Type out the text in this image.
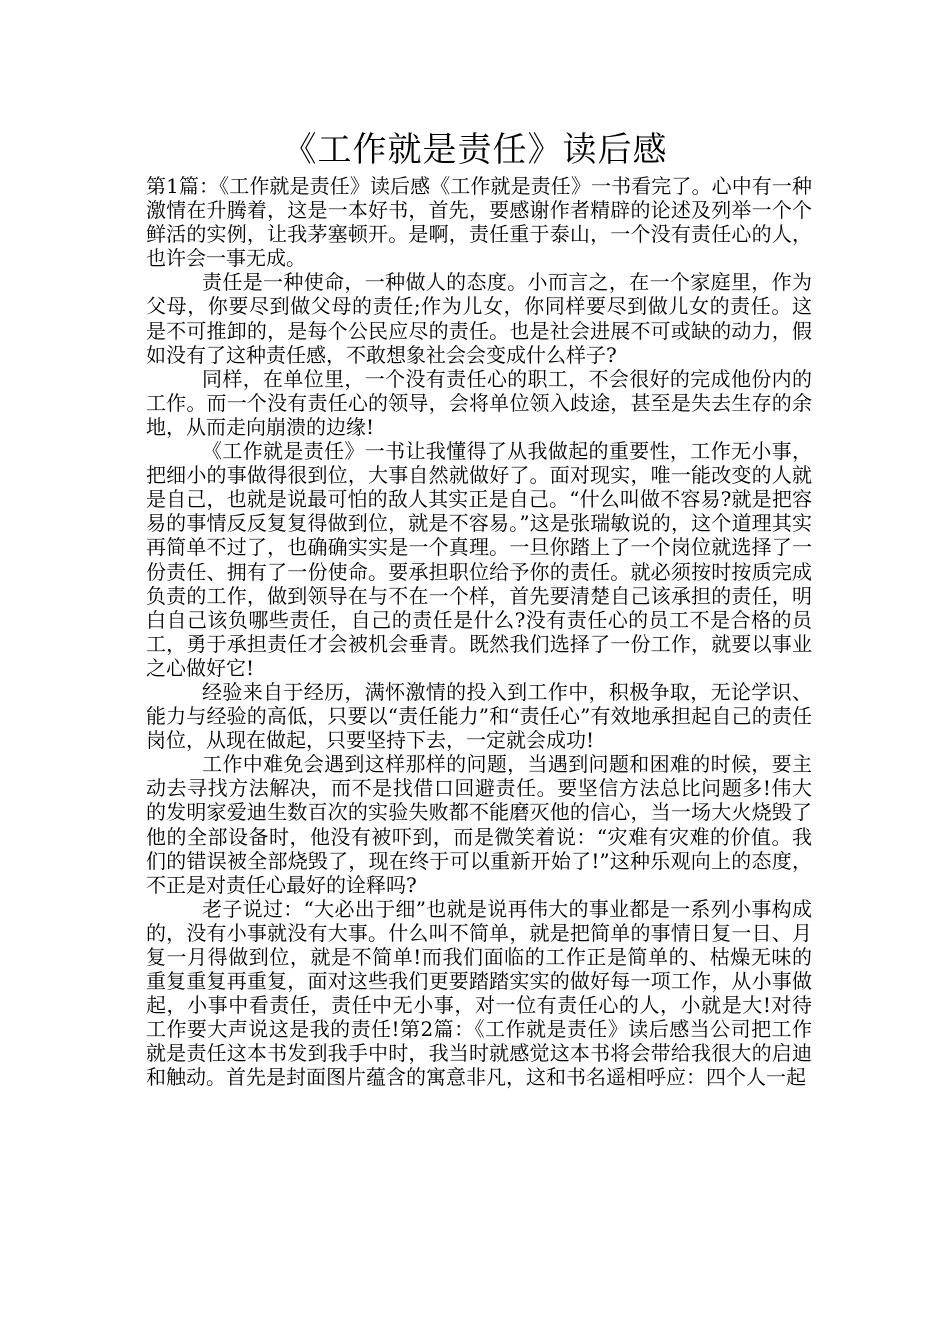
《工作就是责任》读后感

第1篇：《工作就是责任》读后感《工作就是责任》一书看完了。心中有一种激情在升腾着，这是一本好书，首先，要感谢作者精辟的论述及列举一个个鲜活的实例，让我茅塞顿开。是啊，责任重于泰山，一个没有责任心的人，也许会一事无成。

责任是一种使命，一种做人的态度。小而言之，在一个家庭里，作为父母，你要尽到做父母的责任;作为儿女，你同样要尽到做儿女的责任。这是不可推卸的，是每个公民应尽的责任。也是社会进展不可或缺的动力，假如没有了这种责任感，不敢想象社会会变成什么样子?

同样，在单位里，一个没有责任心的职工，不会很好的完成他份内的工作。而一个没有责任心的领导，会将单位领入歧途，甚至是失去生存的余地，从而走向崩溃的边缘!

《工作就是责任》一书让我懂得了从我做起的重要性，工作无小事，把细小的事做得很到位，大事自然就做好了。面对现实，唯一能改变的人就是自己，也就是说最可怕的敌人其实正是自己。“什么叫做不容易?就是把容易的事情反反复复得做到位，就是不容易。”这是张瑞敏说的，这个道理其实再简单不过了，也确确实实是一个真理。一旦你踏上了一个岗位就选择了一份责任、拥有了一份使命。要承担职位给予你的责任。就必须按时按质完成负责的工作，做到领导在与不在一个样，首先要清楚自己该承担的责任，明白自己该负哪些责任，自己的责任是什么?没有责任心的员工不是合格的员工，勇于承担责任才会被机会垂青。既然我们选择了一份工作，就要以事业之心做好它!

经验来自于经历，满怀激情的投入到工作中，积极争取，无论学识、能力与经验的高低，只要以“责任能力”和“责任心”有效地承担起自己的责任岗位，从现在做起，只要坚持下去，一定就会成功!

工作中难免会遇到这样那样的问题，当遇到问题和困难的时候，要主动去寻找方法解决，而不是找借口回避责任。要坚信方法总比问题多!伟大的发明家爱迪生数百次的实验失败都不能磨灭他的信心，当一场大火烧毁了他的全部设备时，他没有被吓到，而是微笑着说：“灾难有灾难的价值。我们的错误被全部烧毁了，现在终于可以重新开始了!”这种乐观向上的态度，不正是对责任心最好的诠释吗?

老子说过：“大必出于细”也就是说再伟大的事业都是一系列小事构成的，没有小事就没有大事。什么叫不简单，就是把简单的事情日复一日、月复一月得做到位，就是不简单!而我们面临的工作正是简单的、枯燥无味的重复重复再重复，面对这些我们更要踏踏实实的做好每一项工作，从小事做起，小事中看责任，责任中无小事，对一位有责任心的人，小就是大!对待工作要大声说这是我的责任!第2篇：《工作就是责任》读后感当公司把工作就是责任这本书发到我手中时，我当时就感觉这本书将会带给我很大的启迪和触动。首先是封面图片蕴含的寓意非凡，这和书名遥相呼应：四个人一起
